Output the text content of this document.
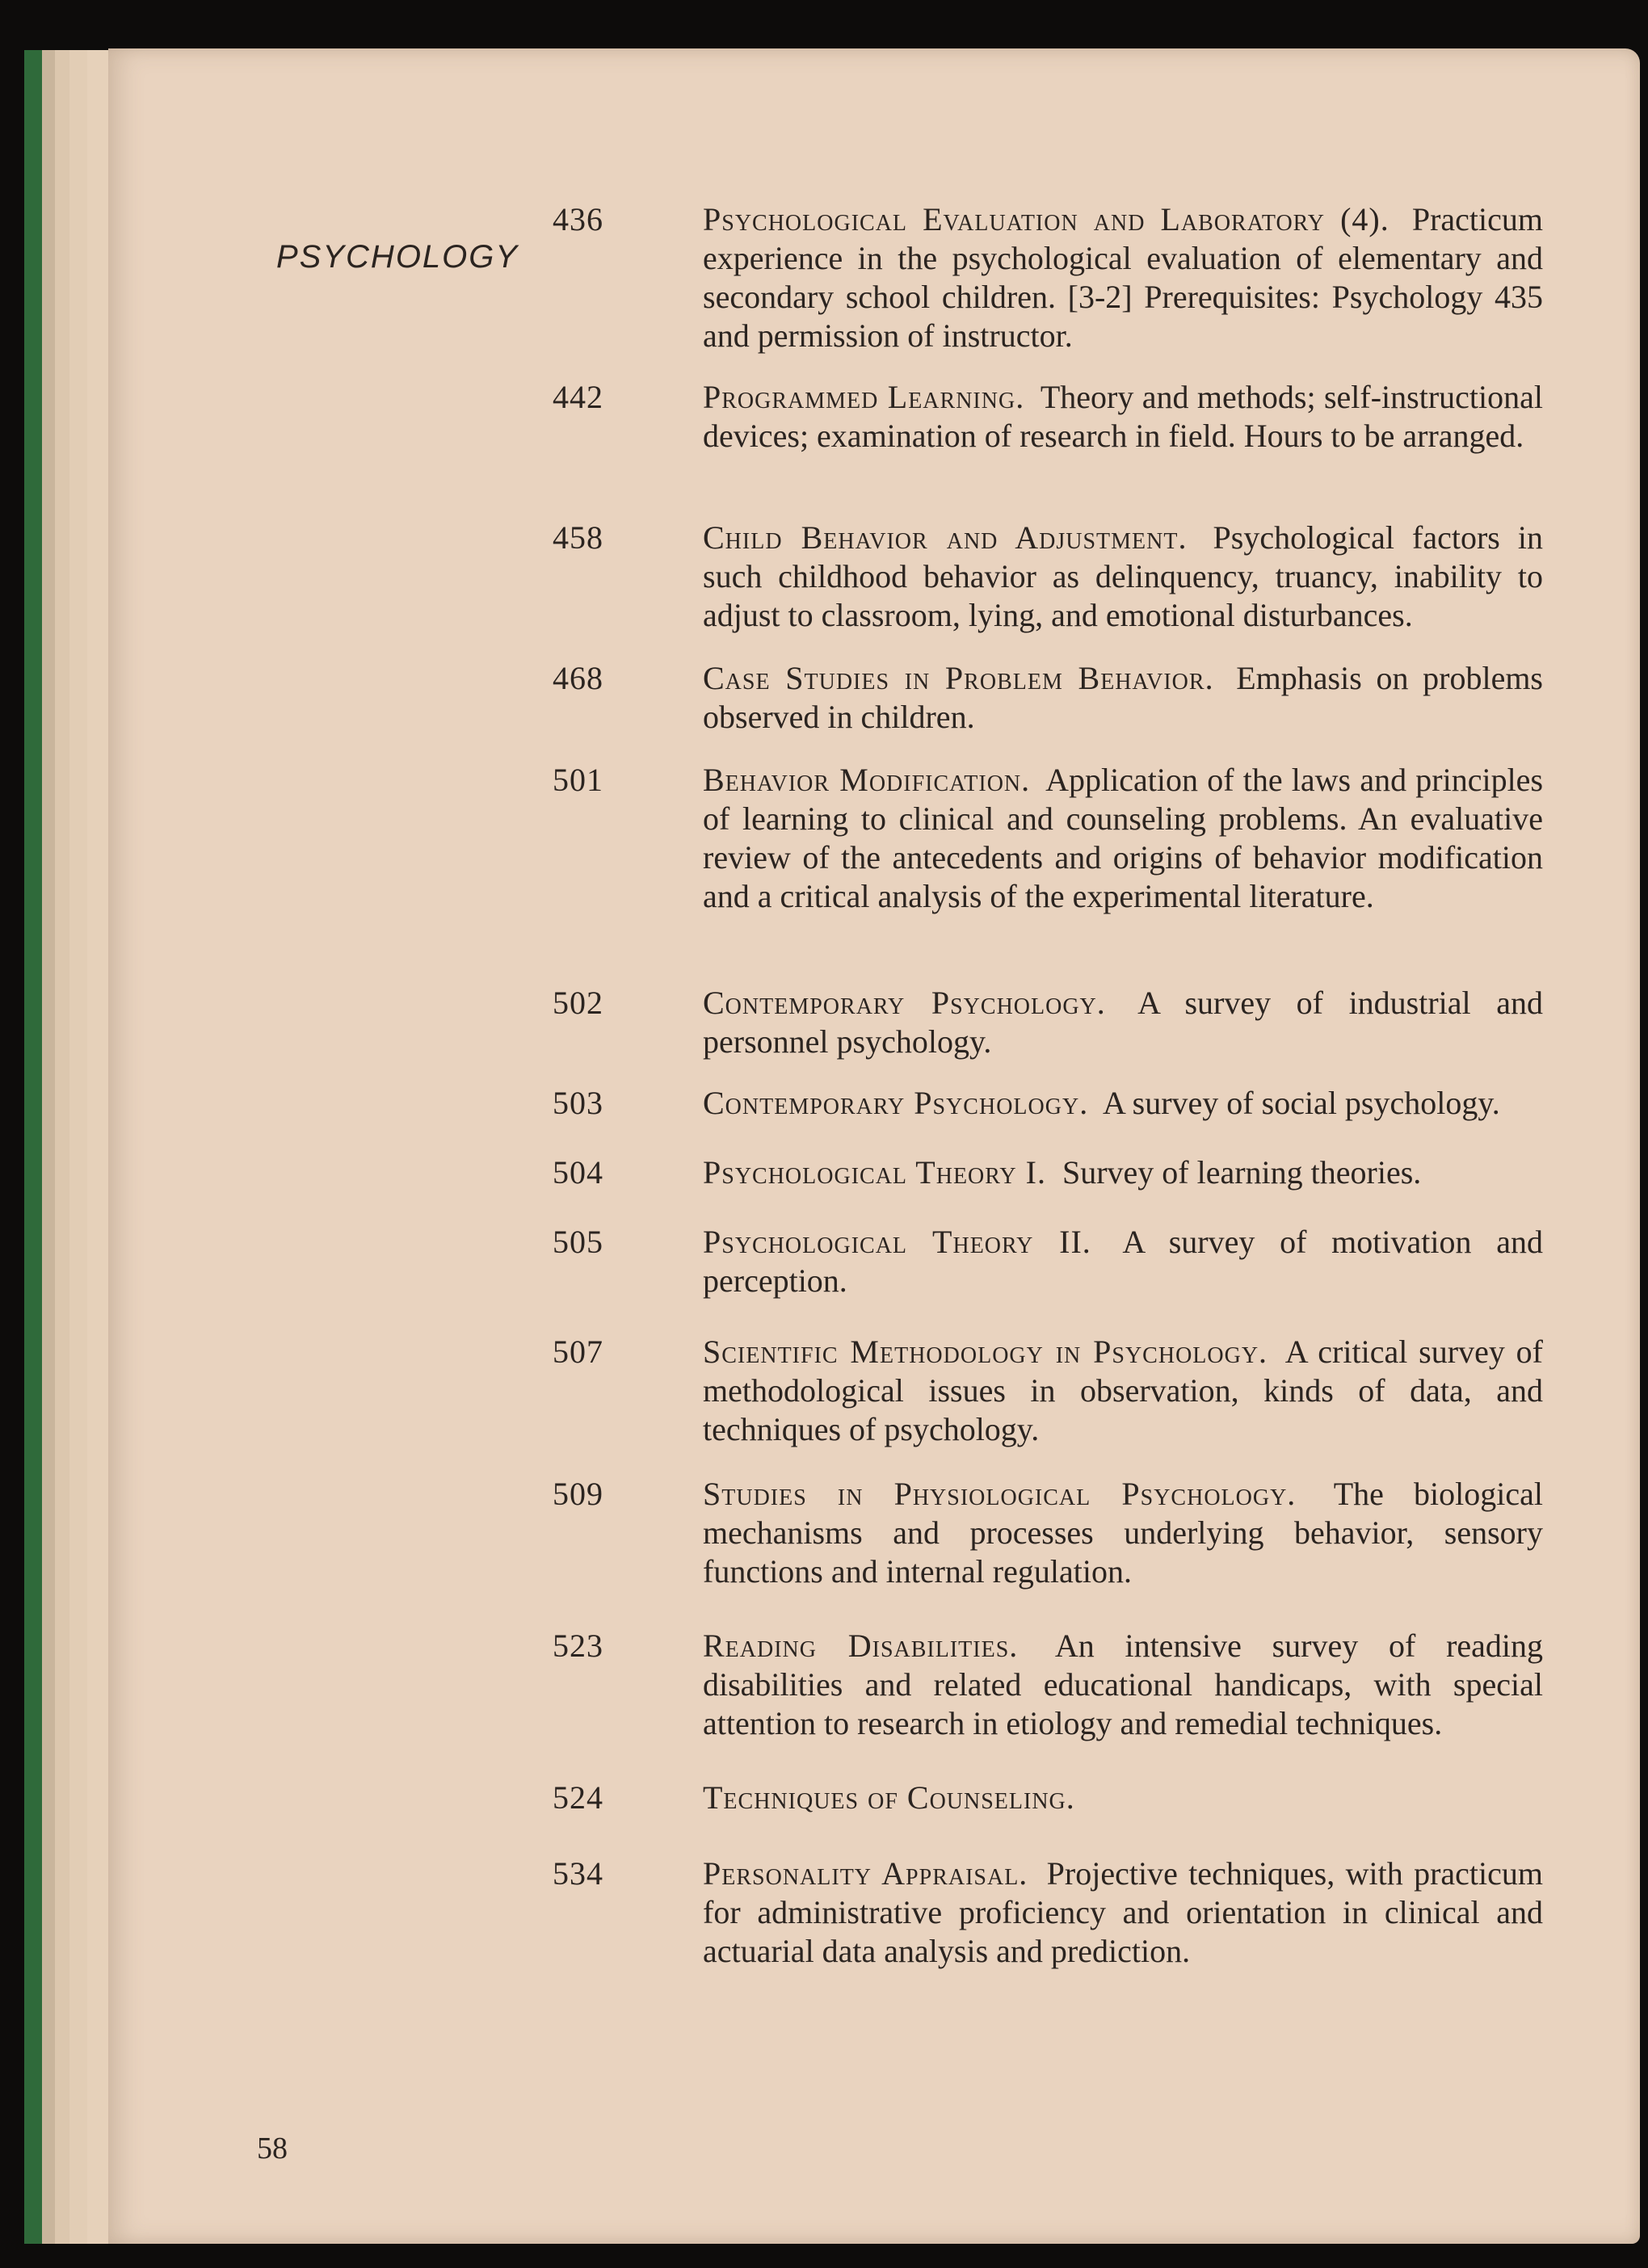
PSYCHOLOGY
436	Psychological Evaluation and Laboratory (4). Practicum experience in the psychological evaluation of elementary and secondary school children. [3-2] Prerequisites: Psychology 435 and permission of instructor.
442	Programmed Learning. Theory and methods; self-instructional devices; examination of research in field. Hours to be arranged.
458	Child Behavior and Adjustment. Psychological factors in such childhood behavior as delinquency, truancy, inability to adjust to classroom, lying, and emotional disturbances.
468	Case Studies in Problem Behavior. Emphasis on problems observed in children.
501	Behavior Modification. Application of the laws and principles of learning to clinical and counseling problems. An evaluative review of the antecedents and origins of behavior modification and a critical analysis of the experimental literature.
502	Contemporary Psychology. A survey of industrial and personnel psychology.
503	Contemporary Psychology. A survey of social psychology.
504	Psychological Theory I. Survey of learning theories.
505	Psychological Theory II. A survey of motivation and perception.
507	Scientific Methodology in Psychology. A critical survey of methodological issues in observation, kinds of data, and techniques of psychology.
509	Studies in Physiological Psychology. The biological mechanisms and processes underlying behavior, sensory functions and internal regulation.
523	Reading Disabilities. An intensive survey of reading disabilities and related educational handicaps, with special attention to research in etiology and remedial techniques.
524	Techniques of Counseling.
534	Personality Appraisal. Projective techniques, with practicum for administrative proficiency and orientation in clinical and actuarial data analysis and prediction.
58
